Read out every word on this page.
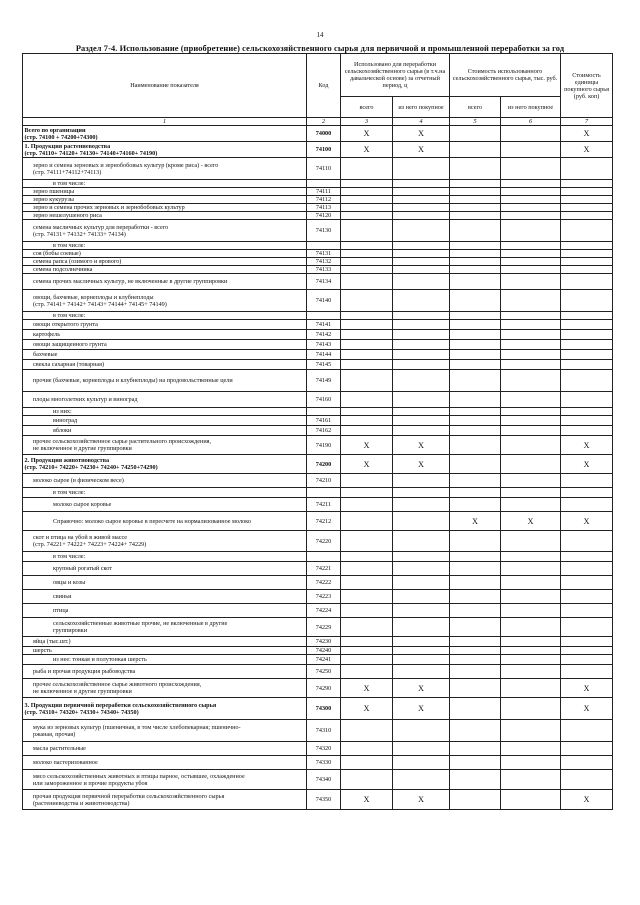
14
Раздел 7-4. Использование (приобретение) сельскохозяйственного сырья для первичной и промышленной переработки за год
Наименование показателя	Код	Использовано для переработки сельскохозяйственного сырья (в т.ч.на давальческой основе) за отчетный период, ц		Стоимость использованного сельскохозяйственного сырья, тыс. руб.		Стоимость единицы покупного сырья (руб. коп)
		всего	из него покупное	всего	из него покупное	
1	2	3	4	5	6	7
Всего по организации
(стр. 74100 + 74200+74300)	74000	X	X			X
1. Продукция растениеводства
(стр. 74110+ 74120+ 74130+ 74140+74160+ 74190)	74100	X	X			X
зерно и семена зерновых и зернобобовых культур (кроме риса) - всего
(стр. 74111+74112+74113)	74110					
в том числе:						
зерно пшеницы	74111					
зерно кукурузы	74112					
зерно и семена прочих зерновых и зернобобовых культур	74113					
зерно нешелушеного риса	74120					
семена масличных культур для переработки - всего
(стр. 74131+ 74132+ 74133+ 74134)	74130					
в том числе:						
соя (бобы соевые)	74131					
семена рапса (озимого и ярового)	74132					
семена подсолнечника	74133					
семена прочих масличных культур, не включенные в другие группировки	74134					
овощи, бахчевые, корнеплоды и клубнеплоды
(стр. 74141+ 74142+ 74143+ 74144+ 74145+ 74149)	74140					
в том числе:						
овощи открытого грунта	74141					
картофель	74142					
овощи защищенного грунта	74143					
бахчевые	74144					
свекла сахарная (товарная)	74145					
прочие (бахчевые, корнеплоды и клубнеплоды) на продовольственные цели	74149					
плоды многолетних культур и виноград	74160					
из них:						
виноград	74161					
яблоки	74162					
прочее сельскохозяйственное сырье растительного происхождения,
не включенное в другие группировки	74190	X	X			X
2. Продукция животноводства
(стр. 74210+ 74220+ 74230+ 74240+ 74250+74290)	74200	X	X			X
молоко сырое (в физическом весе)	74210					
в том числе:						
молоко сырое коровье	74211					
Справочно: молоко сырое коровье в пересчете на нормализованное молоко	74212			X	X	X
скот и птица на убой в живой массе
(стр. 74221+ 74222+ 74223+ 74224+ 74229)	74220					
в том числе:						
крупный рогатый скот	74221					
овцы и козы	74222					
свиньи	74223					
птица	74224					
сельскохозяйственные животные прочие, не включенные в другие
группировки	74229					
яйца (тыс.шт.)	74230					
шерсть	74240					
из нее: тонкая и полутонкая шерсть	74241					
рыба и прочая продукция рыбоводства	74250					
прочее сельскохозяйственное сырье животного происхождения,
не включенное в другие группировки	74290	X	X			X
3. Продукция первичной переработки сельскохозяйственного сырья
(стр. 74310+ 74320+ 74330+ 74340+ 74350)	74300	X	X			X
мука из зерновых культур (пшеничная, в том числе хлебопекарная; пшенично-
ржаная, прочая)	74310					
масла растительные	74320					
молоко пастеризованное	74330					
мясо сельскохозяйственных животных и птицы парное, остывшее, охлажденное
или замороженное и прочие продукты убоя	74340					
прочая продукция первичной переработки сельскохозяйственного сырья
(растениеводства и животноводства)	74350	X	X			X
